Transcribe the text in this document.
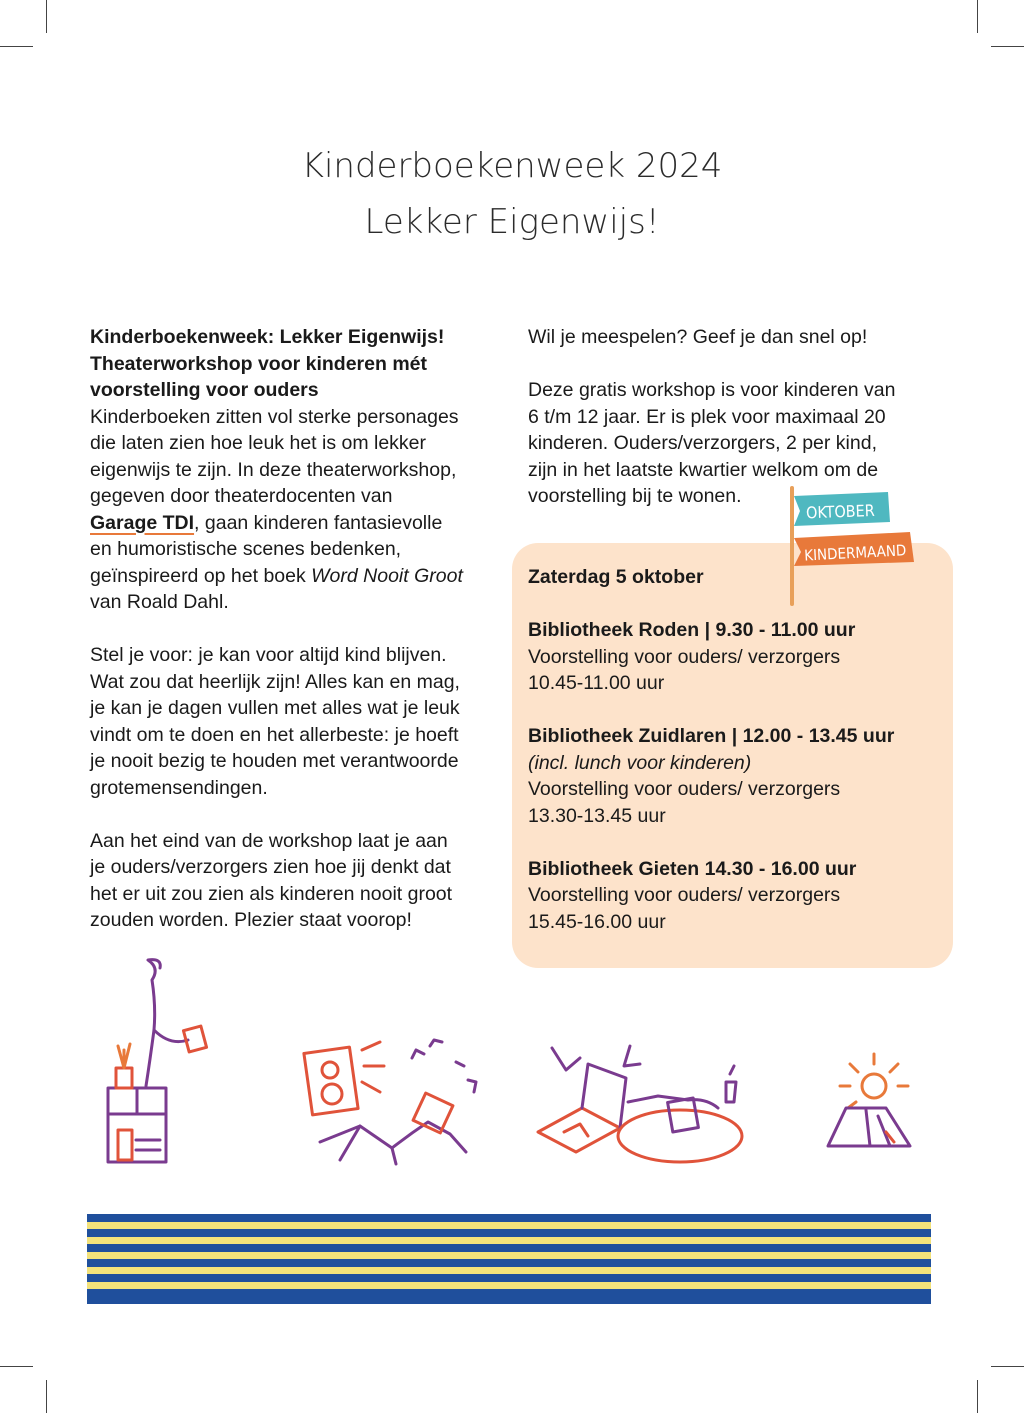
Kinderboekenweek 2024
Lekker Eigenwijs!

Kinderboekenweek: Lekker Eigenwijs!

Theaterworkshop voor kinderen mét

voorstelling voor ouders

Kinderboeken zitten vol sterke personages

die laten zien hoe leuk het is om lekker

eigenwijs te zijn. In deze theaterworkshop,

gegeven door theaterdocenten van

Garage TDI, gaan kinderen fantasievolle

en humoristische scenes bedenken,

geïnspireerd op het boek Word Nooit Groot

van Roald Dahl.

Stel je voor: je kan voor altijd kind blijven.

Wat zou dat heerlijk zijn! Alles kan en mag,

je kan je dagen vullen met alles wat je leuk

vindt om te doen en het allerbeste: je hoeft

je nooit bezig te houden met verantwoorde

grotemensendingen.

Aan het eind van de workshop laat je aan

je ouders/verzorgers zien hoe jij denkt dat

het er uit zou zien als kinderen nooit groot

zouden worden. Plezier staat voorop!

Wil je meespelen? Geef je dan snel op!

Deze gratis workshop is voor kinderen van

6 t/m 12 jaar. Er is plek voor maximaal 20

kinderen. Ouders/verzorgers, 2 per kind,

zijn in het laatste kwartier welkom om de

voorstelling bij te wonen.

Zaterdag 5 oktober

Bibliotheek Roden | 9.30 - 11.00 uur

Voorstelling voor ouders/ verzorgers

10.45-11.00 uur

Bibliotheek Zuidlaren | 12.00 - 13.45 uur

(incl. lunch voor kinderen)

Voorstelling voor ouders/ verzorgers

13.30-13.45 uur

Bibliotheek Gieten 14.30 - 16.00 uur

Voorstelling voor ouders/ verzorgers

15.45-16.00 uur

OKTOBER
KINDERMAAND
